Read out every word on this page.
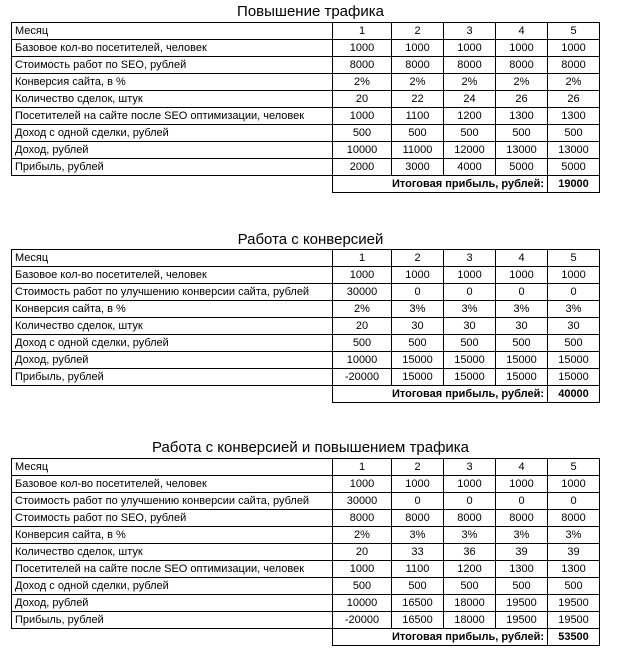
Повышение трафика
Месяц	1	2	3	4	5
Базовое кол-во посетителей, человек	1000	1000	1000	1000	1000
Стоимость работ по SEO, рублей	8000	8000	8000	8000	8000
Конверсия сайта, в %	2%	2%	2%	2%	2%
Количество сделок, штук	20	22	24	26	26
Посетителей на сайте после SEO оптимизации, человек	1000	1100	1200	1300	1300
Доход с одной сделки, рублей	500	500	500	500	500
Доход, рублей	10000	11000	12000	13000	13000
Прибыль, рублей	2000	3000	4000	5000	5000
	Итоговая прибыль, рублей:				19000
Работа с конверсией
Месяц	1	2	3	4	5
Базовое кол-во посетителей, человек	1000	1000	1000	1000	1000
Стоимость работ по улучшению конверсии сайта, рублей	30000	0	0	0	0
Конверсия сайта, в %	2%	3%	3%	3%	3%
Количество сделок, штук	20	30	30	30	30
Доход с одной сделки, рублей	500	500	500	500	500
Доход, рублей	10000	15000	15000	15000	15000
Прибыль, рублей	-20000	15000	15000	15000	15000
	Итоговая прибыль, рублей:				40000
Работа с конверсией и повышением трафика
Месяц	1	2	3	4	5
Базовое кол-во посетителей, человек	1000	1000	1000	1000	1000
Стоимость работ по улучшению конверсии сайта, рублей	30000	0	0	0	0
Стоимость работ по SEO, рублей	8000	8000	8000	8000	8000
Конверсия сайта, в %	2%	3%	3%	3%	3%
Количество сделок, штук	20	33	36	39	39
Посетителей на сайте после SEO оптимизации, человек	1000	1100	1200	1300	1300
Доход с одной сделки, рублей	500	500	500	500	500
Доход, рублей	10000	16500	18000	19500	19500
Прибыль, рублей	-20000	16500	18000	19500	19500
	Итоговая прибыль, рублей:				53500
